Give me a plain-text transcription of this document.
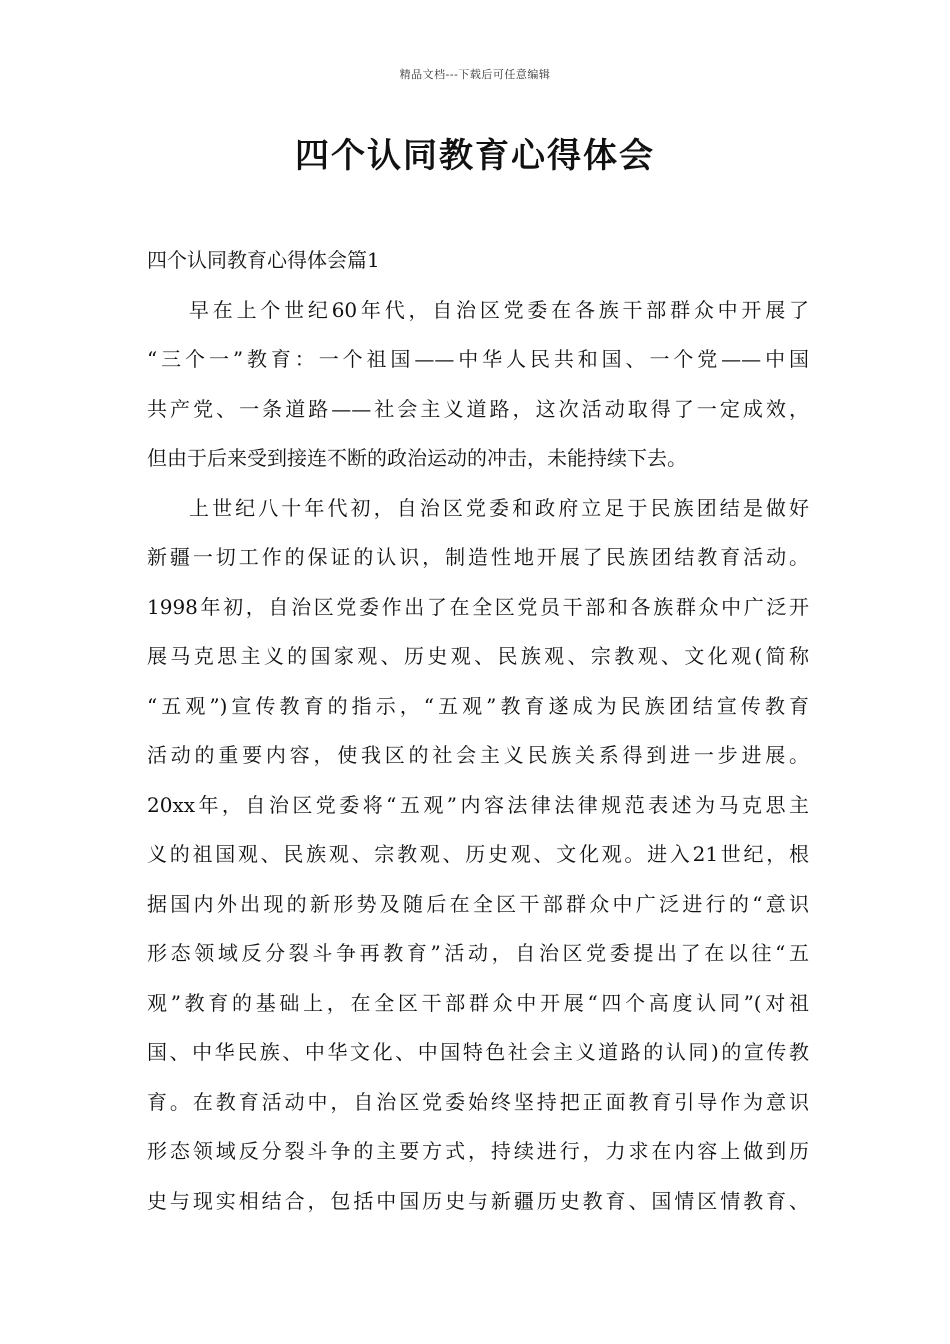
精品文档---下载后可任意编辑
四个认同教育心得体会
四个认同教育心得体会篇1
早在上个世纪60年代，自治区党委在各族干部群众中开展了
“三个一”教育：一个祖国——中华人民共和国、一个党——中国
共产党、一条道路——社会主义道路，这次活动取得了一定成效，
但由于后来受到接连不断的政治运动的冲击，未能持续下去。
上世纪八十年代初，自治区党委和政府立足于民族团结是做好
新疆一切工作的保证的认识，制造性地开展了民族团结教育活动。
1998年初，自治区党委作出了在全区党员干部和各族群众中广泛开
展马克思主义的国家观、历史观、民族观、宗教观、文化观(简称
“五观”)宣传教育的指示，“五观”教育遂成为民族团结宣传教育
活动的重要内容，使我区的社会主义民族关系得到进一步进展。
20xx年，自治区党委将“五观”内容法律法律规范表述为马克思主
义的祖国观、民族观、宗教观、历史观、文化观。进入21世纪，根
据国内外出现的新形势及随后在全区干部群众中广泛进行的“意识
形态领域反分裂斗争再教育”活动，自治区党委提出了在以往“五
观”教育的基础上，在全区干部群众中开展“四个高度认同”(对祖
国、中华民族、中华文化、中国特色社会主义道路的认同)的宣传教
育。在教育活动中，自治区党委始终坚持把正面教育引导作为意识
形态领域反分裂斗争的主要方式，持续进行，力求在内容上做到历
史与现实相结合，包括中国历史与新疆历史教育、国情区情教育、
